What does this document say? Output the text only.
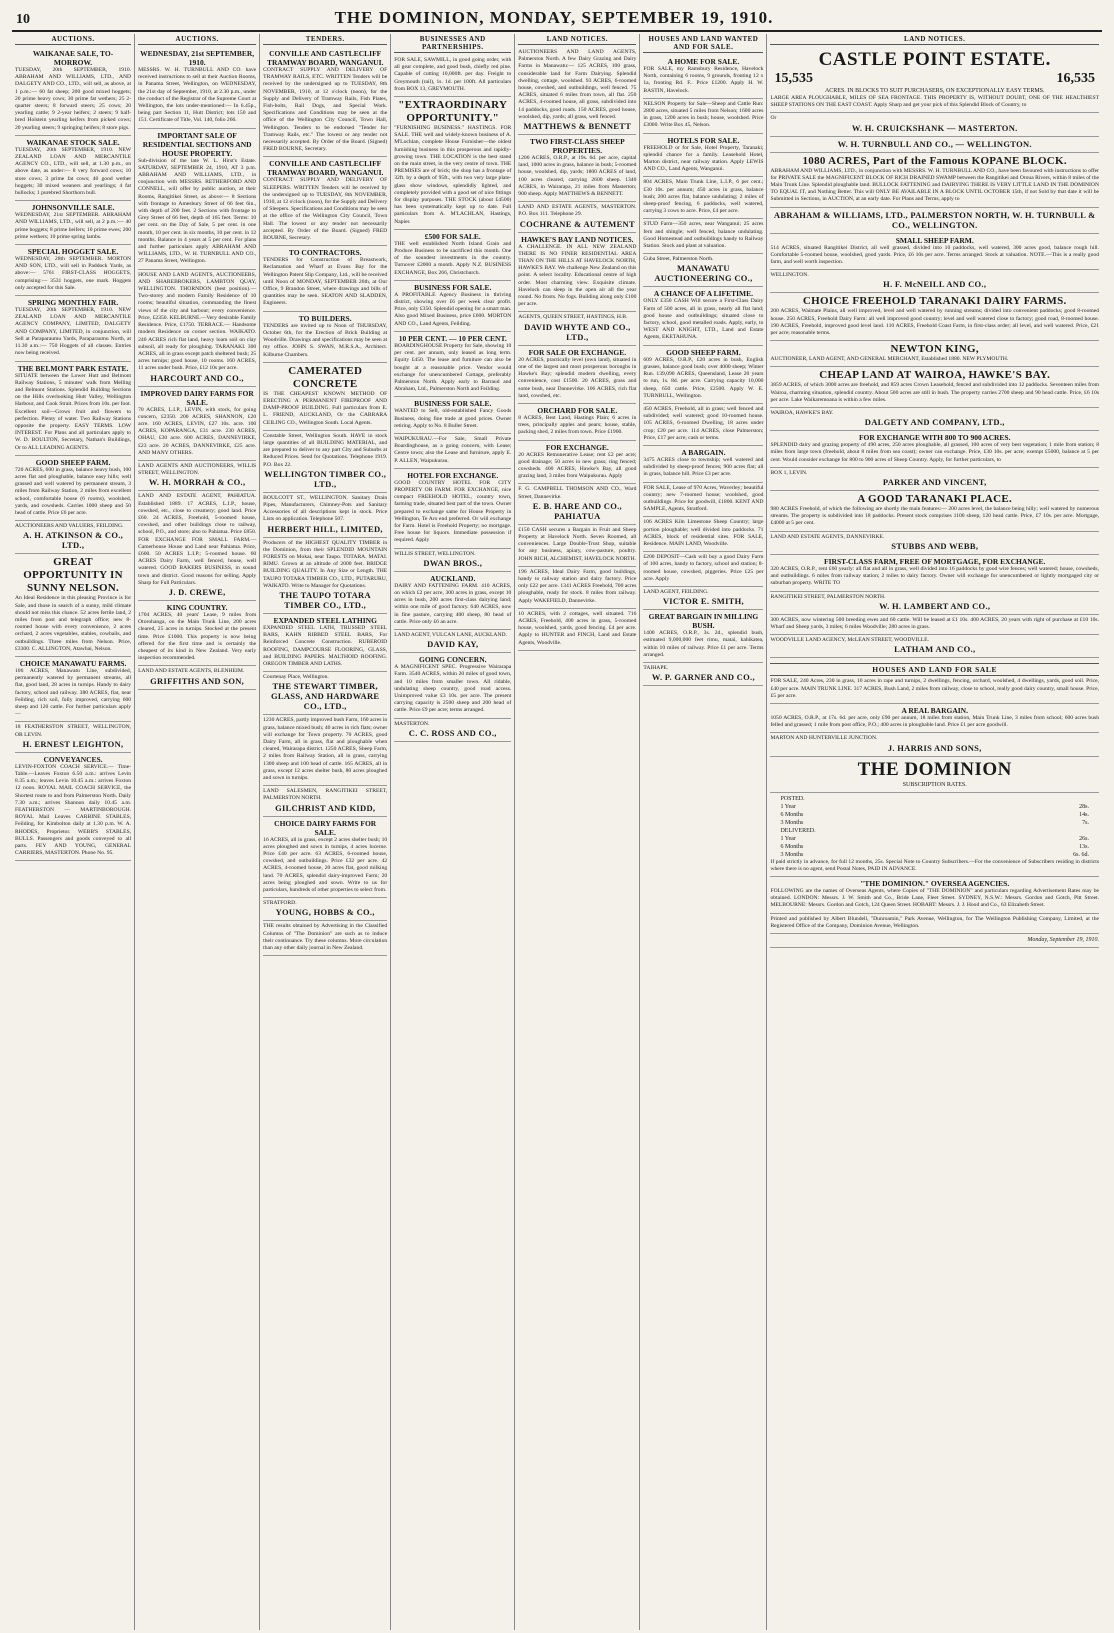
10	THE DOMINION, MONDAY, SEPTEMBER 19, 1910.
AUCTIONS.
WAIKANAE SALE, TO-MORROW.
TUESDAY, 20th SEPTEMBER, 1910. ABRAHAM AND WILLIAMS, LTD., AND DALGETY AND CO., LTD., will sell, as above, at 1 p.m.:— 60 fat sheep; 200 good mixed hoggets; 20 prime heavy cows; 30 prime fat wethers; 25 2-quarter steers; 8 forward steers; 25 cows; 20 yearling cattle; 9 2-year heifers; 2 steers; 9 half-bred Holstein yearling heifers from picked cows; 20 yearling steers; 9 springing heifers; 8 store pigs.
WAIKANAE STOCK SALE.
TUESDAY, 20th SEPTEMBER, 1910. NEW ZEALAND LOAN AND MERCANTILE AGENCY CO., LTD., will sell, at 1.30 p.m., on above date, as under:— 8 very forward cows; 10 store cows; 3 prime fat cows; 40 good wether hoggets; 30 mixed weaners and yearlings; 4 fat bullocks; 1 purebred Shorthorn bull.
JOHNSONVILLE SALE.
WEDNESDAY, 21st SEPTEMBER. ABRAHAM AND WILLIAMS, LTD., will sell, at 2 p.m.:— 40 prime hoggets; 8 prime heifers; 10 prime ewes; 200 prime wethers; 10 prime spring lambs.
SPECIAL HOGGET SALE.
WEDNESDAY, 28th SEPTEMBER. MORTON AND SON, LTD., will sell in Paddock Yards, as above:— 5761 FIRST-CLASS HOGGETS, comprising:— 3531 hoggets, one mark. Hoggets only accepted for this Sale.
SPRING MONTHLY FAIR.
TUESDAY, 20th SEPTEMBER, 1910. NEW ZEALAND LOAN AND MERCANTILE AGENCY COMPANY, LIMITED, DALGETY AND COMPANY, LIMITED, in conjunction, will Sell at Paraparaumu Yards, Paraparaumu North, at 11.30 a.m.:— 750 Hoggets of all classes. Entries now being received.
THE BELMONT PARK ESTATE.
SITUATE between the Lower Hutt and Belmont Railway Stations, 5 minutes' walk from Melling and Belmont Stations. Splendid Building Sections on the Hills overlooking Hutt Valley, Wellington Harbour, and Cook Strait. Prices from 10s. per foot. Excellent soil—Grows fruit and flowers to perfection. Plenty of water. Two Railway Stations opposite the property. EASY TERMS. LOW INTEREST. For Plans and all particulars apply to W. D. BOULTON, Secretary, Nathan's Buildings, Or to ALL LEADING AGENTS.
GOOD SHEEP FARM.
720 ACRES, 600 in grass, balance heavy bush, 100 acres flat and ploughable, balance easy hills; well grassed and well watered by permanent stream, 3 miles from Railway Station, 2 miles from excellent school, comfortable house (6 rooms), woolshed, yards, and cowsheds. Carries 1000 sheep and 50 head of cattle. Price £6 per acre.
AUCTIONEERS AND VALUERS, FEILDING.
A. H. ATKINSON & CO., LTD.,
GREAT OPPORTUNITY IN SUNNY NELSON.
An Ideal Residence in this pleasing Province is for Sale, and those in search of a sunny, mild climate should not miss this chance. 52 acres fertile land, 2 miles from post and telegraph office; new 8-roomed house with every convenience, 2 acres orchard, 2 acres vegetables, stables, cowbails, and outbuildings. Three miles from Nelson. Price, £3300. C. ALLINGTON, Atawhai, Nelson.
CHOICE MANAWATU FARMS.
106 ACRES, Manawatu Line, subdivided, permanently watered by permanent streams, all flat, good land, 28 acres in turnips. Handy to dairy factory, school and railway. 380 ACRES, flat, near Feilding, rich soil, fully improved, carrying 600 sheep and 120 cattle. For further particulars apply—
18 FEATHERSTON STREET, WELLINGTON, OR LEVIN.
H. ERNEST LEIGHTON,
CONVEYANCES.
LEVIN-FOXTON COACH SERVICE.— Time-Table.—Leaves Foxton 6.50 a.m.: arrives Levin 8.35 a.m.; leaves Levin 10.45 a.m.: arrives Foxton 12 noon. ROYAL MAIL COACH SERVICE, the Shortest route to and from Palmerston North. Daily 7.30 a.m.; arrives Shannon daily 10.45 a.m. FEATHERSTON — MARTINBOROUGH. ROYAL Mail Leaves CARBINE STABLES, Feilding, for Kimbolton daily at 1.30 p.m. W. A. RHODES, Proprietor. WEBB'S STABLES, BULLS. Passengers and goods conveyed to all parts. FEY AND YOUNG, GENERAL CARRIERS, MASTERTON. Phone No. 95.
AUCTIONS.
WEDNESDAY, 21st SEPTEMBER, 1910.
MESSRS. W. H. TURNBULL AND CO. have received instructions to sell at their Auction Rooms, in Panama Street, Wellington, on WEDNESDAY, the 21st day of September, 1910, at 2.30 p.m., under the conduct of the Registrar of the Supreme Court at Wellington, the lots under-mentioned:— In 6.45p., being part Section 11, Hutt District; lots 150 and 151. Certificate of Title, Vol. 140, folio 266.
IMPORTANT SALE OF RESIDENTIAL SECTIONS AND HOUSE PROPERTY.
Sub-division of the late W. L. Hirst's Estate. SATURDAY, SEPTEMBER 24, 1910, AT 3 p.m. ABRAHAM AND WILLIAMS, LTD., in conjunction with MESSRS. RETHERFORD AND CONNELL, will offer by public auction, at their Rooms, Rangitikei Street, as above:— 8 Sections with frontage to Amesbury Street of 66 feet 6in., with depth of 200 feet. 2 Sections with frontage to Grey Street of 66 feet, depth of 165 feet. Terms: 10 per cent. on the Day of Sale, 5 per cent. in one month, 10 per cent. in six months, 10 per cent. in 12 months. Balance in 4 years at 5 per cent. For plans and further particulars apply ABRAHAM AND WILLIAMS, LTD., W. H. TURNBULL AND CO., 27 Panama Street, Wellington.
HOUSE AND LAND AGENTS, AUCTIONEERS, AND SHAREBROKERS, LAMBTON QUAY, WELLINGTON. THORNDON (best position).—Two-storey and modern Family Residence of 10 rooms; beautiful situation, commanding the finest views of the city and harbour; every convenience. Price, £2350. KELBURNE.—Very desirable Family Residence. Price, £1750. TERRACE.— Handsome modern Residence on corner section. WAIKATO. 240 ACRES rich flat land, heavy loam soil on clay subsoil, all ready for ploughing. TARANAKI. 300 ACRES, all in grass except patch sheltered bush; 25 acres turnips; good house, 10 rooms. 160 ACRES, 11 acres under bush. Price, £12 10s per acre.
HARCOURT AND CO.,
IMPROVED DAIRY FARMS FOR SALE.
70 ACRES, L.I.P., LEVIN, with stock, for going concern, £2350. 200 ACRES, SHANNON, £20 acre. 160 ACRES, LEVIN, £27 10s. acre. 100 ACRES, KOPARANGA, £31 acre. 230 ACRES, OHAU, £30 acre. 600 ACRES, DANNEVIRKE, £23 acre. 20 ACRES, DANNEVIRKE, £25 acre. AND MANY OTHERS.
LAND AGENTS AND AUCTIONEERS, WILLIS STREET, WELLINGTON.
W. H. MORRAH & CO.,
LAND AND ESTATE AGENT, PAHIATUA. Established 1889. 17 ACRES, L.I.P., house, cowshed, etc., close to creamery; good land. Price £60. 24 ACRES, Freehold, 5-roomed house, cowshed, and other buildings close to railway, school, P.O., and store; also to Pahiatua. Price £850. FOR EXCHANGE FOR SMALL FARM.— Camerhouse House and Land near Pahiatua. Price, £600. 50 ACRES L.I.P.; 5-roomed house. 60 ACRES Dairy Farm, well fenced, house, well watered. GOOD BAKERS BUSINESS, in sound town and district. Good reasons for selling. Apply Sharp for Full Particulars.
J. D. CREWE,
KING COUNTRY.
1704 ACRES, 40 years' Lease, 9 miles from Otorohanga, on the Main Trunk Line, 200 acres cleared, 25 acres in turnips. Stocked at the present time. Price £1000. This property is now being offered for the first time and is certainly the cheapest of its kind in New Zealand. Very early inspection recommended.
LAND AND ESTATE AGENTS, BLENHEIM.
GRIFFITHS AND SON,
TENDERS.
CONVILLE AND CASTLECLIFF TRAMWAY BOARD, WANGANUI.
CONTRACT SUPPLY AND DELIVERY OF TRAMWAY RAILS, ETC. WRITTEN Tenders will be received by the undersigned up to TUESDAY, 8th NOVEMBER, 1910, at 12 o'clock (noon), for the Supply and Delivery of Tramway Rails, Fish Plates, Fish-bolts, Rail Dogs, and Special Work. Specifications and Conditions may be seen at the office of the Wellington City Council, Town Hall, Wellington. Tenders to be endorsed "Tender for Tramway Rails, etc." The lowest or any tender not necessarily accepted. By Order of the Board. (Signed) FRED BOURNE, Secretary.
CONVILLE AND CASTLECLIFF TRAMWAY BOARD, WANGANUI.
CONTRACT SUPPLY AND DELIVERY OF SLEEPERS. WRITTEN Tenders will be received by the undersigned up to TUESDAY, 8th NOVEMBER, 1910, at 12 o'clock (noon), for the Supply and Delivery of Sleepers. Specifications and Conditions may be seen at the office of the Wellington City Council, Town Hall. The lowest or any tender not necessarily accepted. By Order of the Board. (Signed) FRED BOURNE, Secretary.
TO CONTRACTORS.
TENDERS for Construction of Breastwork, Reclamation and Wharf at Evans Bay for the Wellington Patent Slip Company, Ltd., will be received until Noon of MONDAY, SEPTEMBER 26th, at Our Office, 9 Brandon Street, where drawings and bills of quantities may be seen. SEATON AND SLADDEN, Engineers.
TO BUILDERS.
TENDERS are invited up to Noon of THURSDAY, October 6th, for the Erection of Brick Building at Woodville. Drawings and specifications may be seen at my office. JOHN S. SWAN, M.R.S.A., Architect. Kilburne Chambers.
CAMERATED CONCRETE
IS THE CHEAPEST KNOWN METHOD OF ERECTING A PERMANENT FIREPROOF AND DAMP-PROOF BUILDING. Full particulars from E. L. FRIEND, AUCKLAND, Or the CARRARA CEILING CO., Wellington South. Local Agents.
Constable Street, Wellington South. HAVE in stock large quantities of all BUILDING MATERIAL, and are prepared to deliver to any part City and Suburbs at Reduced Prices. Send for Quotations. Telephone 1919. P.O. Box 22.
WELLINGTON TIMBER CO., LTD.,
BOULCOTT ST., WELLINGTON. Sanitary Drain Pipes, Manufacturers, Chimney-Pots and Sanitary Accessories of all descriptions kept in stock. Price Lists on application. Telephone 507.
HERBERT HILL, LIMITED,
Producers of the HIGHEST QUALITY TIMBER in the Dominion, from their SPLENDID MOUNTAIN FORESTS on Mokai, near Taupo. TOTARA. MATAI. RIMU. Grown at an altitude of 2000 feet. BRIDGE BUILDING QUALITY. In Any Size or Length. THE TAUPO TOTARA TIMBER CO., LTD., PUTARURU, WAIKATO. Write to Manager for Quotations.
THE TAUPO TOTARA TIMBER CO., LTD.,
EXPANDED STEEL LATHING
EXPANDED STEEL LATH, TRUSSED STEEL BARS, KAHN RIBBED STEEL BARS, For Reinforced Concrete Construction. RUBEROID ROOFING, DAMPCOURSE FLOORING, GLASS, and BUILDING PAPERS. MALTHOID ROOFING. OREGON TIMBER AND LATHS.
Courtenay Place, Wellington.
THE STEWART TIMBER, GLASS, AND HARDWARE CO., LTD.,
1230 ACRES, partly improved bush Farm, 160 acres in grass, balance mixed bush; 40 acres in rich flats; owner will exchange for Town property. 70 ACRES, good Dairy Farm, all in grass, flat and ploughable when cleared, Wairarapa district. 1250 ACRES, Sheep Farm, 2 miles from Railway Station, all in grass, carrying 1300 sheep and 100 head of cattle. 165 ACRES, all in grass, except 12 acres shelter bush, 80 acres ploughed and sown in turnips.
LAND SALESMEN, RANGITIKEI STREET, PALMERSTON NORTH.
GILCHRIST AND KIDD,
CHOICE DAIRY FARMS FOR SALE.
16 ACRES, all in grass, except 2 acres shelter bush; 10 acres ploughed and sown in turnips, 4 acres lucerne. Price £40 per acre. 63 ACRES, 6-roomed house, cowshed, and outbuildings. Price £32 per acre. 42 ACRES, 4-roomed house, 20 acres flat, good milking land. 70 ACRES, splendid dairy-improved Farm; 20 acres being ploughed and sown. Write to us for particulars, hundreds of other properties to select from.
STRATFORD.
YOUNG, HOBBS & CO.,
THE results obtained by Advertising in the Classified Columns of "The Dominion" are such as to induce their continuance. Try these columns. More circulation than any other daily journal in New Zealand.
BUSINESSES AND PARTNERSHIPS.
FOR SALE, SAWMILL, in good going order, with all gear complete, and good bush, chiefly red pine. Capable of cutting 10,000ft. per day. Freight to Greymouth (rail), 1s. 1d. per 100ft. All particulars from BOX 13, GREYMOUTH.
"EXTRAORDINARY OPPORTUNITY."
"FURNISHING BUSINESS." HASTINGS. FOR SALE. THE well and widely-known business of A. M'Lochlan, complete House Furnisher—the oldest furnishing business in this prosperous and rapidly-growing town. THE LOCATION is the best stand on the main street, in the very centre of town. THE PREMISES are of brick; the shop has a frontage of 32ft. by a depth of 95ft., with two very large plate-glass show windows, splendidly lighted, and completely provided with a good set of nice fittings for display purposes. THE STOCK (about £4500) has been systematically kept up to date. Full particulars from A. M'LACHLAN, Hastings, Napier.
£500 FOR SALE.
THE well established North Island Grain and Produce Business to be sacrificed this month. One of the soundest investments in the country. Turnover £2000 a month. Apply N.Z. BUSINESS EXCHANGE, Box 266, Christchurch.
BUSINESS FOR SALE.
A PROFITABLE Agency Business in thriving district, showing over £6 per week clear profit. Price, only £350. Splendid opening for a smart man. Also good Mixed Business, price £600. MORTON AND CO., Land Agents, Feilding.
10 PER CENT. — 10 PER CENT.
BOARDINGHOUSE Property for Sale, showing 10 per cent. per annum, only leased as long term. Equity £450. The lease and furniture can also be bought at a reasonable price. Vendor would exchange for unencumbered Cottage, preferably Palmerston North. Apply early to Barraud and Abraham, Ltd., Palmerston North and Feilding.
BUSINESS FOR SALE.
WANTED to Sell, old-established Fancy Goods Business, doing fine trade at good prices. Owner retiring. Apply to No. 8 Buller Street.
WAIPUKURAU.—For Sale, Small Private Boardinghouse, as a going concern, with Lease; Centre town; also the Lease and furniture, apply E. P. ALLEN, Waipukurau.
HOTEL FOR EXCHANGE.
GOOD COUNTRY HOTEL FOR CITY PROPERTY OR FARM. FOR EXCHANGE, nice compact FREEHOLD HOTEL, country town, farming trade, situated best part of the town. Owner prepared to exchange same for House Property in Wellington, Te Aro end preferred. Or will exchange for Farm. Hotel is Freehold Property; no mortgage. Free house for liquors. Immediate possession if required. Apply
WILLIS STREET, WELLINGTON.
DWAN BROS.,
AUCKLAND.
DAIRY AND FATTENING FARM. 410 ACRES, on which £2 per acre, 300 acres in grass, except 10 acres in bush, 200 acres first-class dairying land; within one mile of good factory. 640 ACRES, now in fine pasture, carrying 400 sheep, 80 head of cattle. Price only £6 an acre.
LAND AGENT, VULCAN LANE, AUCKLAND.
DAVID KAY,
GOING CONCERN.
A MAGNIFICENT SPEC. Progressive Wairarapa Farm. 3540 ACRES, within 20 miles of good town, and 10 miles from smaller town. All ridable, undulating sheep country, good road access. Unimproved value £3 10s. per acre. The present carrying capacity is 2500 sheep and 200 head of cattle. Price £9 per acre; terms arranged.
MASTERTON.
C. C. ROSS AND CO.,
LAND NOTICES.
AUCTIONEERS AND LAND AGENTS, Palmerston North. A few Dairy Grazing and Dairy Farms in Manawatu:— 125 ACRES, 100 grass, considerable land for Farm Dairying. Splendid dwelling, cottage, woolshed. 93 ACRES, 6-roomed house, cowshed, and outbuildings, well fenced. 75 ACRES, situated 6 miles from town, all flat. 250 ACRES, 4-roomed house, all grass, subdivided into 14 paddocks, good roads. 150 ACRES, good house, woolshed, dip, yards; all grass, well fenced.
MATTHEWS & BENNETT
TWO FIRST-CLASS SHEEP PROPERTIES.
1200 ACRES, O.R.P., at 19s. 6d. per acre, capital land, 1000 acres in grass, balance in bush; 5-roomed house, woolshed, dip, yards; 1800 ACRES of land, 100 acres cleared, carrying 2600 sheep. 1340 ACRES, in Wairarapa, 21 miles from Masterton; 900 sheep. Apply MATTHEWS & BENNETT.
LAND AND ESTATE AGENTS, MASTERTON. P.O. Box 111. Telephone 29.
COCHRANE & AUTEMENT
HAWKE'S BAY LAND NOTICES.
A CHALLENGE. IN ALL NEW ZEALAND THERE IS NO FINER RESIDENTIAL AREA THAN ON THE HILLS AT HAVELOCK NORTH, HAWKE'S BAY. We challenge New Zealand on this point. A select locality. Educational centre of high order. Most charming view. Exquisite climate. Havelock can sleep in the open air all the year round. No frosts. No fogs. Building along only £100 per acre.
AGENTS, QUEEN STREET, HASTINGS, H.B.
DAVID WHYTE AND CO., LTD.,
FOR SALE OR EXCHANGE.
20 ACRES, practically level (own land), situated in one of the largest and most prosperous boroughs in Hawke's Bay; splendid modern dwelling, every convenience, cost £1500. 20 ACRES, grass and some bush, near Dannevirke. 106 ACRES, rich flat land, cowshed, etc.
ORCHARD FOR SALE.
8 ACRES, Best Land, Hastings Plain; 6 acres in trees, principally apples and pears; house, stable, packing shed, 2 miles from town. Price £1900.
FOR EXCHANGE.
20 ACRES Remunerative Lease; rent £2 per acre; good drainage; 50 acres in new grass; ring fenced; cowsheds. 400 ACRES, Hawke's Bay, all good grazing land, 3 miles from Waipukurau. Apply
F. G. CAMPBELL THOMSON AND CO., Ward Street, Dannevirke.
E. B. HARE AND CO., PAHIATUA
£150 CASH secures a Bargain in Fruit and Sheep Property at Havelock North. Seven Roomed, all conveniences. Large Double-Trust Shop, suitable for any business, apiary, cow-pasture, poultry. JOHN RICH, ALCHEMIST, HAVELOCK NORTH.
196 ACRES, Ideal Dairy Farm, good buildings, handy to railway station and dairy factory. Price only £22 per acre. 1341 ACRES Freehold, 700 acres ploughable, ready for stock. 8 miles from railway. Apply WAKEFIELD, Dannevirke.
10 ACRES, with 2 cottages, well situated. 716 ACRES, Freehold, 400 acres in grass, 5-roomed house, woolshed, yards, good fencing. £4 per acre. Apply to HUNTER and FINCH, Land and Estate Agents, Woodville.
HOUSES AND LAND WANTED AND FOR SALE.
A HOME FOR SALE.
FOR SALE, my Ramsbury Residence, Havelock North, containing 6 rooms, 9 grounds, fronting 12 x 1a, fronting Rd. F.. Price £1200. Apply H. W. BASTIN, Havelock.
NELSON Property for Sale—Sheep and Cattle Run: 2800 acres, situated 5 miles from Nelson; 1600 acres in grass, 1200 acres in bush; house, woolshed. Price £3000. Write Box 45, Nelson.
HOTELS FOR SALE.
FREEHOLD or for Sale, Hotel Property, Taranaki; splendid chance for a family. Leasehold Hotel, Marton district, near railway station. Apply LEWIS AND CO., Land Agents, Wanganui.
804 ACRES, Main Trunk Line, L.I.P., 6 per cent.; £30 10s. per annum; 450 acres in grass, balance bush; 200 acres flat, balance undulating; 2 miles of sheep-proof fencing, 6 paddocks, well watered, carrying 3 cows to acre. Price, £4 per acre.
STUD Farm—350 acres, near Wanganui; 25 acres fern and shingle; well fenced, balance undulating. Good Homestead and outbuildings handy to Railway Station. Stock and plant at valuation.
Cuba Street, Palmerston North.
MANAWATU AUCTIONEERING CO.,
A CHANCE OF A LIFETIME.
ONLY £350 CASH Will secure a First-Class Dairy Farm of 500 acres, all in grass, nearly all flat land; good house and outbuildings; situated close to factory, school, good metalled roads. Apply, early, to WEST AND KNIGHT, LTD., Land and Estate Agents, EKETAHUNA.
GOOD SHEEP FARM.
609 ACRES, O.R.P., £20 acres in bush, English grasses, balance good bush; over 4000 sheep; Winter Run. 139,090 ACRES, Queensland, Lease 20 years to run, 1s. 8d. per acre. Carrying capacity 10,000 sheep, 650 cattle. Price, £2500. Apply W. E. TURNBULL, Wellington.
450 ACRES, Freehold, all in grass; well fenced and subdivided; well watered; good 10-roomed house. 105 ACRES, 6-roomed Dwelling, 18 acres under crop; £20 per acre. 114 ACRES, close Palmerston; Price, £17 per acre; cash or terms.
A BARGAIN.
3475 ACRES close to township; well watered and subdivided by sheep-proof fences; 900 acres flat; all in grass, balance hill. Price £3 per acre.
FOR SALE, Lease of 970 Acres, Waverley; beautiful country; new 7-roomed house; woolshed, good outbuildings. Price for goodwill, £1800. KENT AND SAMPLE, Agents, Stratford.
106 ACRES Kiln Limestone Sheep Country; large portion ploughable; well divided into paddocks. 71 ACRES, block of residential sites. FOR SALE, Residence. MAIN LAND, Woodville.
£200 DEPOSIT—Cash will buy a good Dairy Farm of 100 acres, handy to factory, school and station; 8-roomed house, cowshed, piggeries. Price £25 per acre. Apply
LAND AGENT, FEILDING.
VICTOR E. SMITH,
GREAT BARGAIN IN MILLING BUSH.
1400 ACRES, O.R.P., 3s. 2d., splendid bush, estimated 9,000,000 feet rimu, matai, kahikatea, within 10 miles of railway. Price £1 per acre. Terms arranged.
TAIHAPE.
W. P. GARNER AND CO.,
LAND NOTICES.
CASTLE POINT ESTATE.
15,535	16,535
ACRES. IN BLOCKS TO SUIT PURCHASERS, ON EXCEPTIONALLY EASY TERMS.
LARGE AREA PLOUGHABLE, MILES OF SEA FRONTAGE. THIS PROPERTY IS, WITHOUT DOUBT, ONE OF THE HEALTHIEST SHEEP STATIONS ON THE EAST COAST. Apply Sharp and get your pick of this Splendid Block of Country, to
Or
W. H. CRUICKSHANK — MASTERTON.
W. H. TURNBULL AND CO., — WELLINGTON.
1080 ACRES, Part of the Famous KOPANE BLOCK.
ABRAHAM AND WILLIAMS, LTD., in conjunction with MESSRS. W. H. TURNBULL AND CO., have been favoured with instructions to offer for PRIVATE SALE the MAGNIFICENT BLOCK OF RICH DRAINED SWAMP between the Rangitikei and Oroua Rivers, within 8 miles of the Main Trunk Line. Splendid ploughable land. BULLOCK FATTENING and DAIRYING THERE IS VERY LITTLE LAND IN THE DOMINION TO EQUAL IT, and Nothing Better. This will ONLY BE AVAILABLE IN A BLOCK UNTIL OCTOBER 15th, if not Sold by that date it will be Submitted in Sections, in AUCTION, at an early date. For Plans and Terms, apply to
ABRAHAM & WILLIAMS, LTD., PALMERSTON NORTH, W. H. TURNBULL & CO., WELLINGTON.
SMALL SHEEP FARM.
514 ACRES, situated Rangitikei District, all well grassed, divided into 10 paddocks, well watered, 300 acres good, balance rough hill. Comfortable 5-roomed house, woolshed, good yards. Price, £6 10s per acre. Terms arranged. Stock at valuation. NOTE.—This is a really good farm, and well worth inspection.
WELLINGTON.
H. F. McNEILL AND CO.,
CHOICE FREEHOLD TARANAKI DAIRY FARMS.
200 ACRES, Waimate Plains, all well improved, level and well watered by running streams; divided into convenient paddocks; good 8-roomed house. 250 ACRES, Freehold Dairy Farm: all well improved good country; level and well watered close to factory; good road, 8-roomed house. 190 ACRES, Freehold, improved good level land. 110 ACRES, Freehold Coast Farm, in first-class order; all level, and well watered. Price, £21 per acre; reasonable terms.
NEWTON KING,
AUCTIONEER, LAND AGENT, AND GENERAL MERCHANT, Established 1880. NEW PLYMOUTH.
CHEAP LAND AT WAIROA, HAWKE'S BAY.
3859 ACRES, of which 3000 acres are freehold, and 859 acres Crown Leasehold, fenced and subdivided into 12 paddocks. Seventeen miles from Wairoa, charming situation, splendid country. About 500 acres are still in bush. The property carries 2700 sheep and 90 head cattle. Price, £6 10s per acre. Lake Waikaremoana is within a few miles.
WAIROA, HAWKE'S BAY.
DALGETY AND COMPANY, LTD.,
FOR EXCHANGE WITH 800 TO 900 ACRES.
SPLENDID dairy and grazing property of 490 acres, 250 acres ploughable, all grassed, 100 acres of very best vegetation; 1 mile from station; 8 miles from large town (freehold, about 8 miles from sea coast); owner can exchange. Price, £30 10s. per acre; exempt £5000, balance at 5 per cent. Would consider exchange for 800 to 900 acres of Sheep Country. Apply, for further particulars, to
BOX 1, LEVIN.
PARKER AND VINCENT,
A GOOD TARANAKI PLACE.
980 ACRES Freehold, of which the following are shortly the main features:— 200 acres level, the balance being hilly; well watered by numerous streams. The property is subdivided into 18 paddocks. Present stock comprises 1100 sheep, 120 head cattle. Price, £7 10s. per acre. Mortgage, £4000 at 5 per cent.
LAND AND ESTATE AGENTS, DANNEVIRKE.
STUBBS AND WEBB,
FIRST-CLASS FARM, FREE OF MORTGAGE, FOR EXCHANGE.
320 ACRES, O.R.P., rent £60 yearly: all flat and all in grass, well divided into 16 paddocks by good wire fences; well watered; house, cowsheds, and outbuildings. 6 miles from railway station; 2 miles to dairy factory. Owner will exchange for unencumbered or lightly mortgaged city or suburban property. WRITE TO
RANGITIKEI STREET, PALMERSTON NORTH.
W. H. LAMBERT AND CO.,
300 ACRES, now wintering 500 breeding ewes and 60 cattle. Will be leased at £1 10s. 400 ACRES, 20 years with right of purchase at £10 10s. Wharf and Sheep yards, 3 miles; 6 miles Woodville; 280 acres in grass.
WOODVILLE LAND AGENCY, McLEAN STREET, WOODVILLE.
LATHAM AND CO.,
HOUSES AND LAND FOR SALE
FOR SALE, 240 Acres, 230 in grass, 10 acres in rape and turnips, 2 dwellings, fencing, orchard, woolshed, 4 dwellings, yards, good soil. Price, £40 per acre. MAIN TRUNK LINE. 317 ACRES, Bush Land, 2 miles from railway, close to school, really good dairy country, small house. Price, £5 per acre.
A REAL BARGAIN.
1050 ACRES, O.R.P., at 17s. 6d. per acre, only £90 per annum, 18 miles from station, Main Trunk Line, 3 miles from school; 600 acres bush felled and grassed; 1 mile from post office, P.O.; 400 acres in ploughable land. Price £1 per acre goodwill.
MARTON AND HUNTERVILLE JUNCTION.
J. HARRIS AND SONS,
THE DOMINION
SUBSCRIPTION RATES.
POSTED.
1 Year	28s.
6 Months	14s.
3 Months	7s.
DELIVERED.
1 Year	26s.
6 Months	13s.
3 Months	6s. 6d.
If paid strictly in advance, for full 12 months, 25s. Special Note to Country Subscribers.—For the convenience of Subscribers residing in districts where there is no agent, send Postal Notes, PAID IN ADVANCE.
"THE DOMINION." OVERSEA AGENCIES.
FOLLOWING are the names of Overseas Agents, where Copies of "THE DOMINION" and particulars regarding Advertisement Rates may be obtained. LONDON: Messrs. J. W. Smith and Co., Bride Lane, Fleet Street. SYDNEY, N.S.W.: Messrs. Gordon and Gotch, Pitt Street. MELBOURNE: Messrs. Gordon and Gotch, 124 Queen Street. HOBART: Messrs. J. J. Hood and Co., 63 Elizabeth Street.
Printed and published by Albert Blundell, "Dunroamin," Park Avenue, Wellington, for The Wellington Publishing Company, Limited, at the Registered Office of the Company, Dominion Avenue, Wellington.
Monday, September 19, 1910.
